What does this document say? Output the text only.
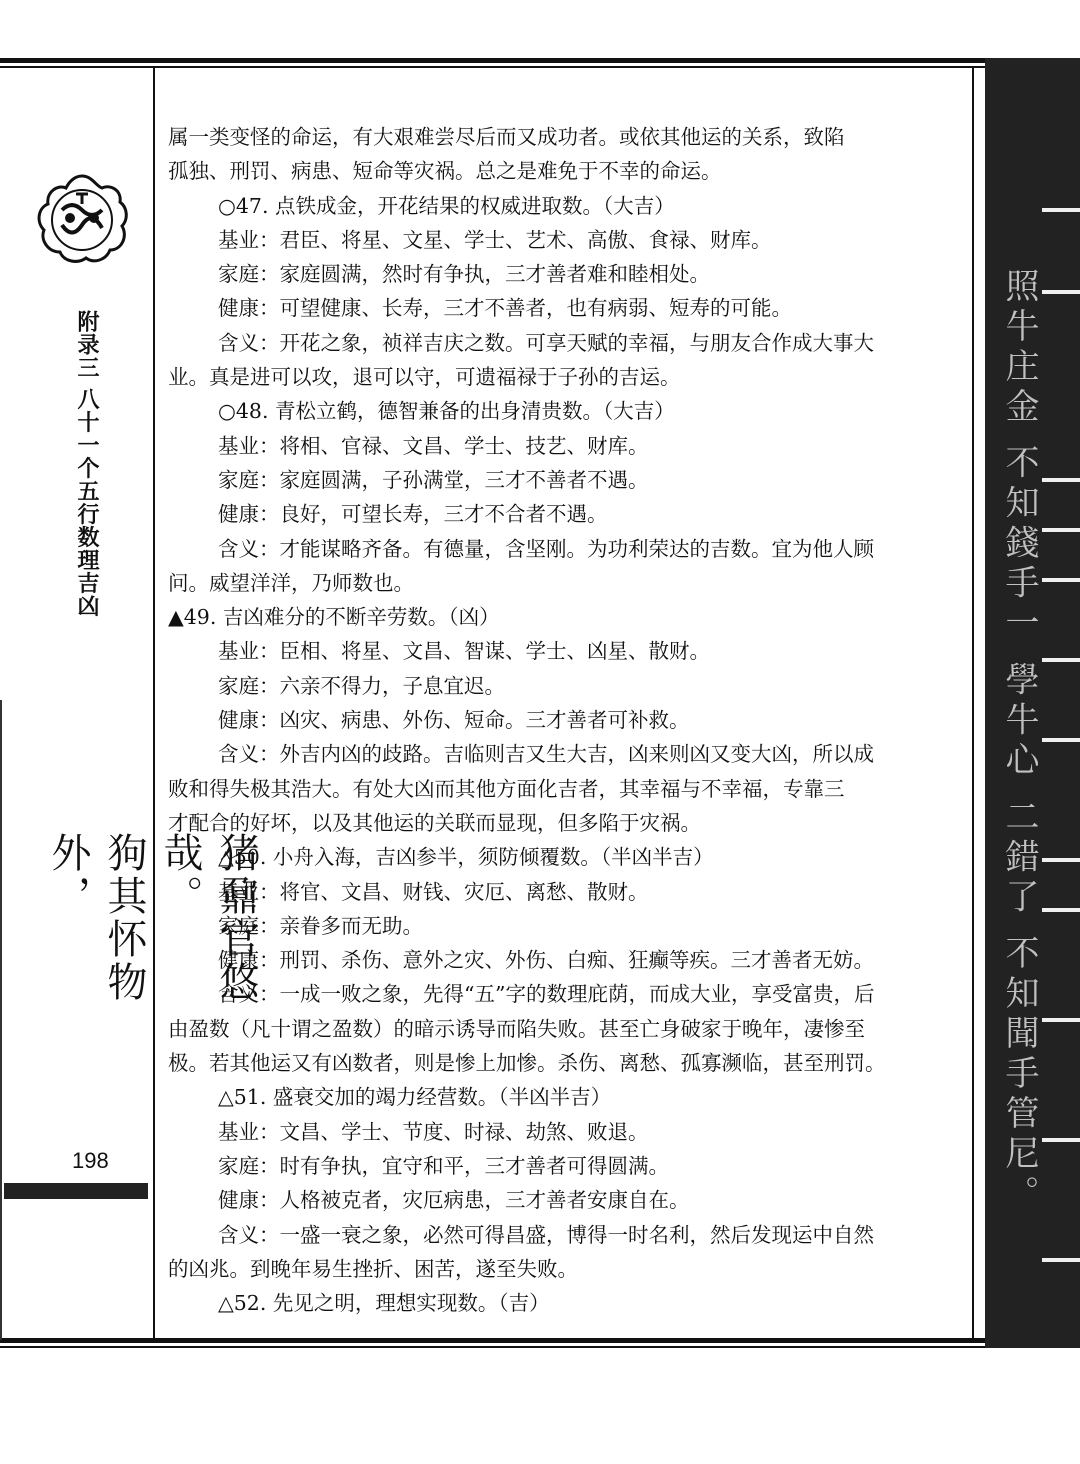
照牛庄金 不知錢手一 學牛心 二錯了 不知聞手管尼。
附录三 八十一个五行数理吉凶
猪鼐官悠哉。
狗其怀物外，
198

属一类变怪的命运，有大艰难尝尽后而又成功者。或依其他运的关系，致陷

孤独、刑罚、病患、短命等灾祸。总之是难免于不幸的命运。

○47. 点铁成金，开花结果的权威进取数。（大吉）

基业：君臣、将星、文星、学士、艺术、高傲、食禄、财库。

家庭：家庭圆满，然时有争执，三才善者难和睦相处。

健康：可望健康、长寿，三才不善者，也有病弱、短寿的可能。

含义：开花之象，祯祥吉庆之数。可享天赋的幸福，与朋友合作成大事大

业。真是进可以攻，退可以守，可遗福禄于子孙的吉运。

○48. 青松立鹤，德智兼备的出身清贵数。（大吉）

基业：将相、官禄、文昌、学士、技艺、财库。

家庭：家庭圆满，子孙满堂，三才不善者不遇。

健康：良好，可望长寿，三才不合者不遇。

含义：才能谋略齐备。有德量，含坚刚。为功利荣达的吉数。宜为他人顾

问。威望洋洋，乃师数也。

▲49. 吉凶难分的不断辛劳数。（凶）

基业：臣相、将星、文昌、智谋、学士、凶星、散财。

家庭：六亲不得力，子息宜迟。

健康：凶灾、病患、外伤、短命。三才善者可补救。

含义：外吉内凶的歧路。吉临则吉又生大吉，凶来则凶又变大凶，所以成

败和得失极其浩大。有处大凶而其他方面化吉者，其幸福与不幸福，专靠三

才配合的好坏，以及其他运的关联而显现，但多陷于灾祸。

△50. 小舟入海，吉凶参半，须防倾覆数。（半凶半吉）

基业：将官、文昌、财钱、灾厄、离愁、散财。

家庭：亲眷多而无助。

健康：刑罚、杀伤、意外之灾、外伤、白痴、狂癫等疾。三才善者无妨。

含义：一成一败之象，先得“五”字的数理庇荫，而成大业，享受富贵，后

由盈数（凡十谓之盈数）的暗示诱导而陷失败。甚至亡身破家于晚年，凄惨至

极。若其他运又有凶数者，则是惨上加惨。杀伤、离愁、孤寡濒临，甚至刑罚。

△51. 盛衰交加的竭力经营数。（半凶半吉）

基业：文昌、学士、节度、时禄、劫煞、败退。

家庭：时有争执，宜守和平，三才善者可得圆满。

健康：人格被克者，灾厄病患，三才善者安康自在。

含义：一盛一衰之象，必然可得昌盛，博得一时名利，然后发现运中自然

的凶兆。到晚年易生挫折、困苦，遂至失败。

△52. 先见之明，理想实现数。（吉）
